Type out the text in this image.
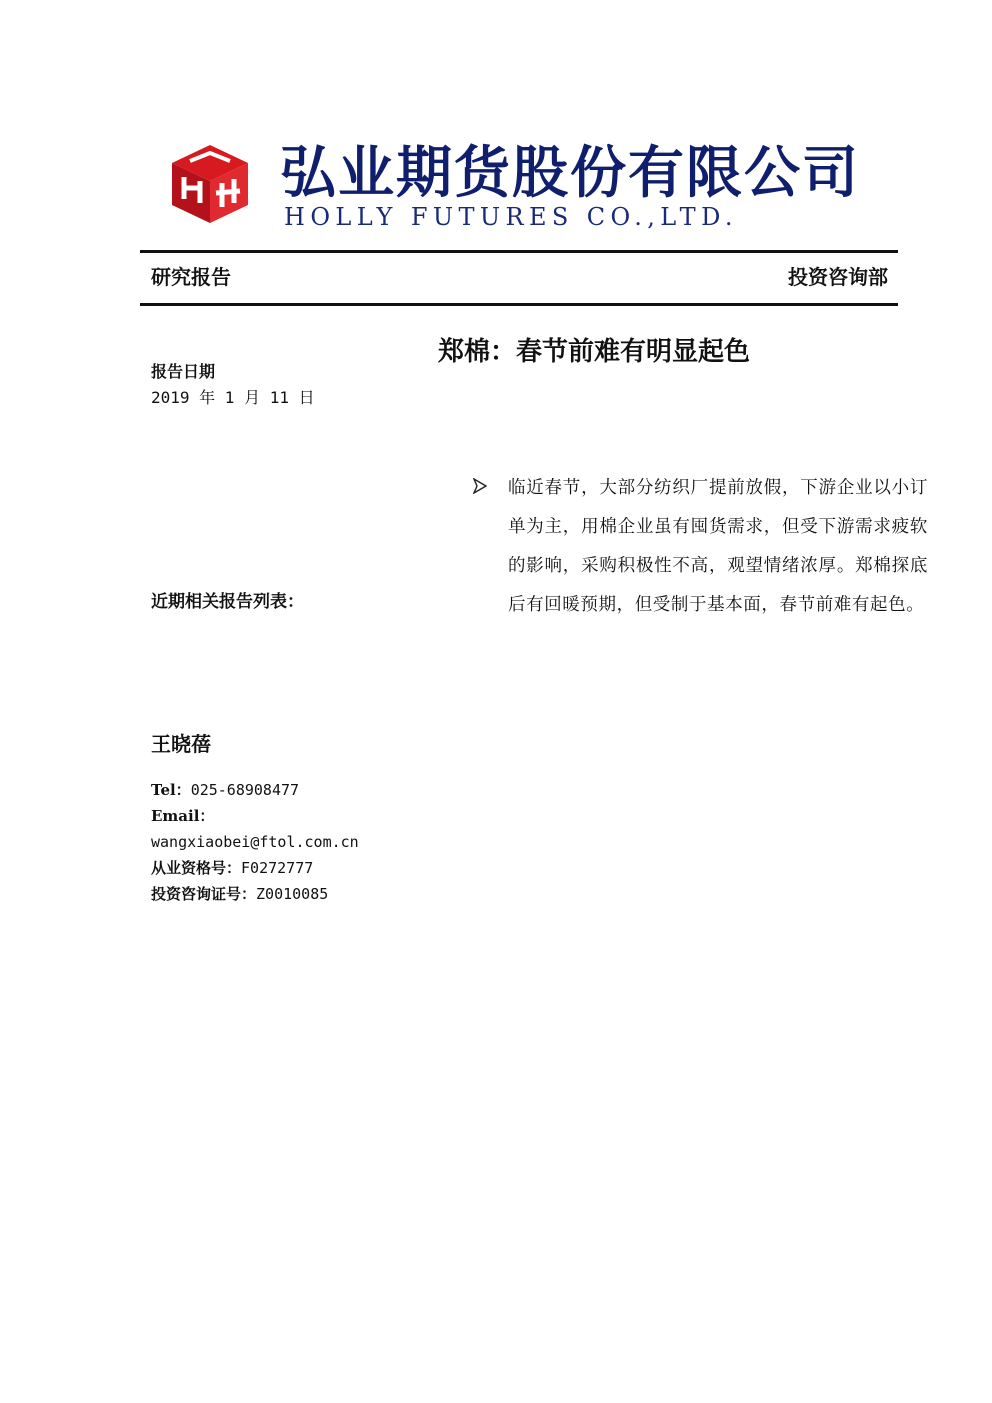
弘业期货股份有限公司
HOLLY FUTURES CO.,LTD.
研究报告	投资咨询部
郑棉：春节前难有明显起色
报告日期
2019 年 1 月 11 日
近期相关报告列表：
王晓蓓
Tel：025-68908477
Email：
wangxiaobei@ftol.com.cn
从业资格号：F0272777
投资咨询证号：Z0010085
临近春节，大部分纺织厂提前放假，下游企业以小订单为主，用棉企业虽有囤货需求，但受下游需求疲软的影响，采购积极性不高，观望情绪浓厚。郑棉探底后有回暖预期，但受制于基本面，春节前难有起色。
